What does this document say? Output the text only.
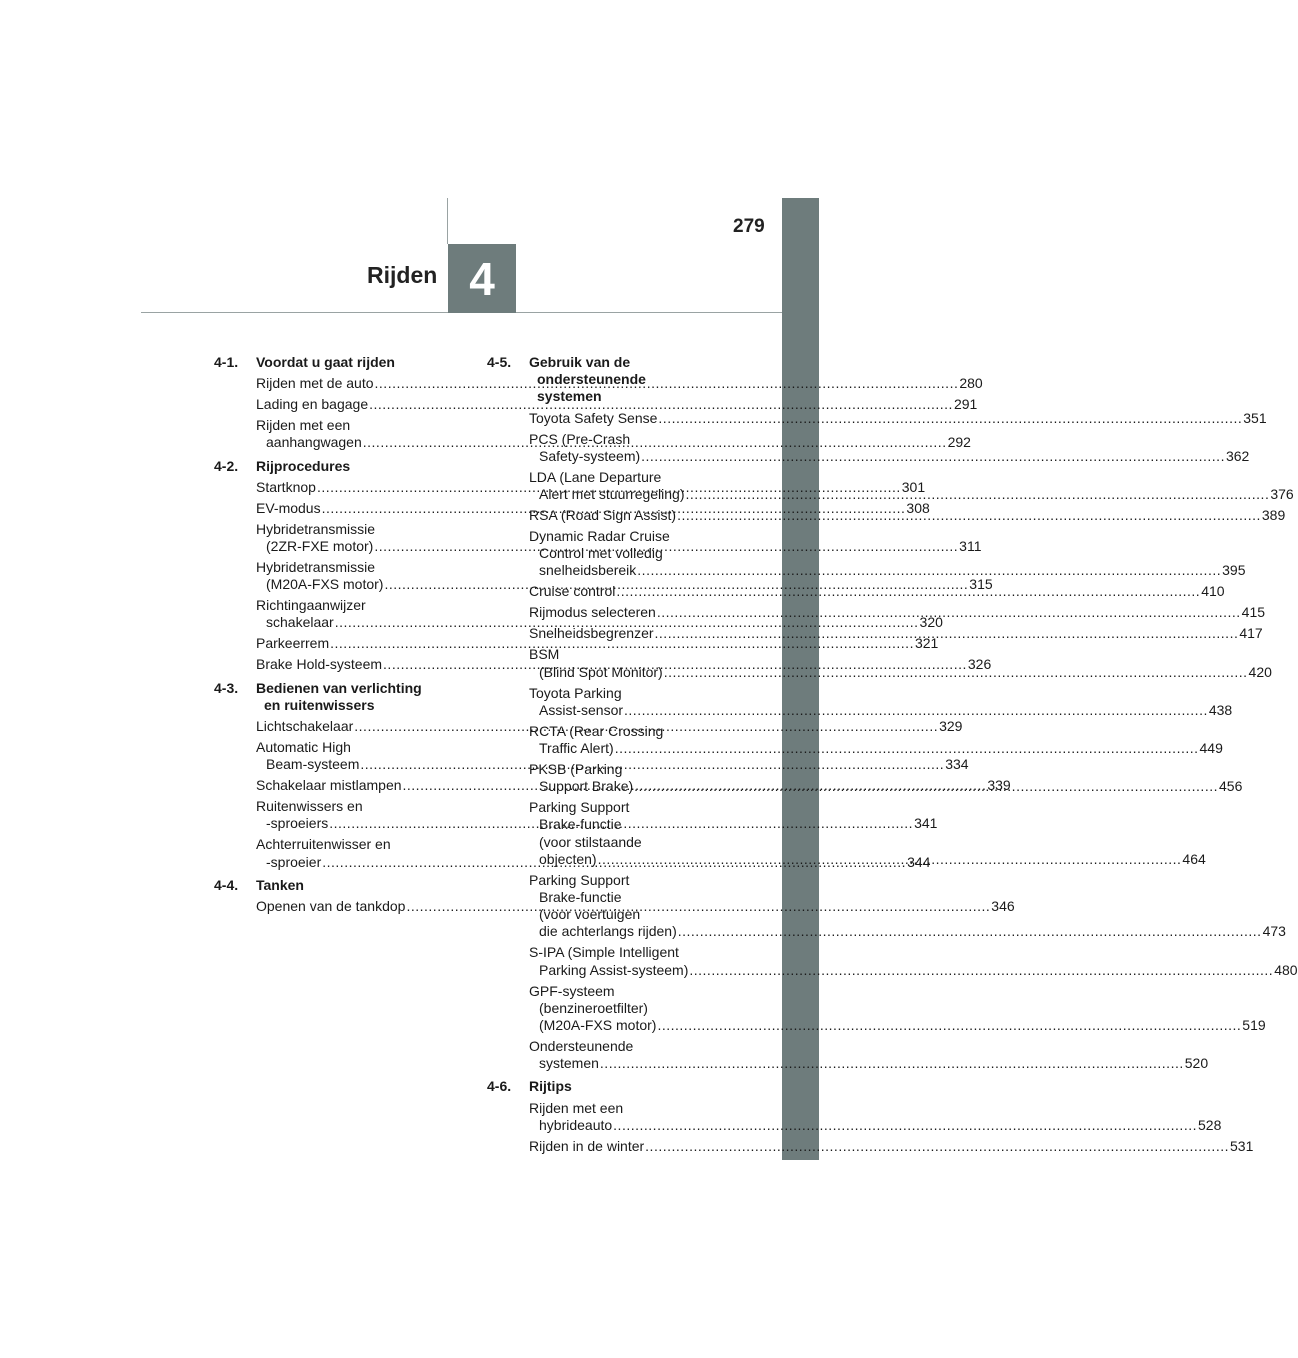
4
Rijden
279
4-1. Voordat u gaat rijden
Rijden met de auto .....	280
Lading en bagage .....	291
Rijden met een
aanhangwagen .....	292
4-2. Rijprocedures
Startknop .....	301
EV-modus .....	308
Hybridetransmissie
(2ZR-FXE motor) .....	311
Hybridetransmissie
(M20A-FXS motor) .....	315
Richtingaanwijzer
schakelaar .....	320
Parkeerrem .....	321
Brake Hold-systeem .....	326
4-3. Bedienen van verlichting
en ruitenwissers
Lichtschakelaar .....	329
Automatic High
Beam-systeem .....	334
Schakelaar mistlampen .....	339
Ruitenwissers en
-sproeiers .....	341
Achterruitenwisser en
-sproeier .....	344
4-4. Tanken
Openen van de tankdop .....	346
4-5. Gebruik van de
ondersteunende
systemen
Toyota Safety Sense .....	351
PCS (Pre-Crash
Safety-systeem) .....	362
LDA (Lane Departure
Alert met stuurregeling) .....	376
RSA (Road Sign Assist) .....	389
Dynamic Radar Cruise
Control met volledig
snelheidsbereik .....	395
Cruise control .....	410
Rijmodus selecteren .....	415
Snelheidsbegrenzer .....	417
BSM
(Blind Spot Monitor) .....	420
Toyota Parking
Assist-sensor .....	438
RCTA (Rear Crossing
Traffic Alert) .....	449
PKSB (Parking
Support Brake) .....	456
Parking Support
Brake-functie
(voor stilstaande
objecten) .....	464
Parking Support
Brake-functie
(voor voertuigen
die achterlangs rijden) .....	473
S-IPA (Simple Intelligent
Parking Assist-systeem) .....	480
GPF-systeem
(benzineroetfilter)
(M20A-FXS motor) .....	519
Ondersteunende
systemen .....	520
4-6. Rijtips
Rijden met een
hybrideauto .....	528
Rijden in de winter .....	531
